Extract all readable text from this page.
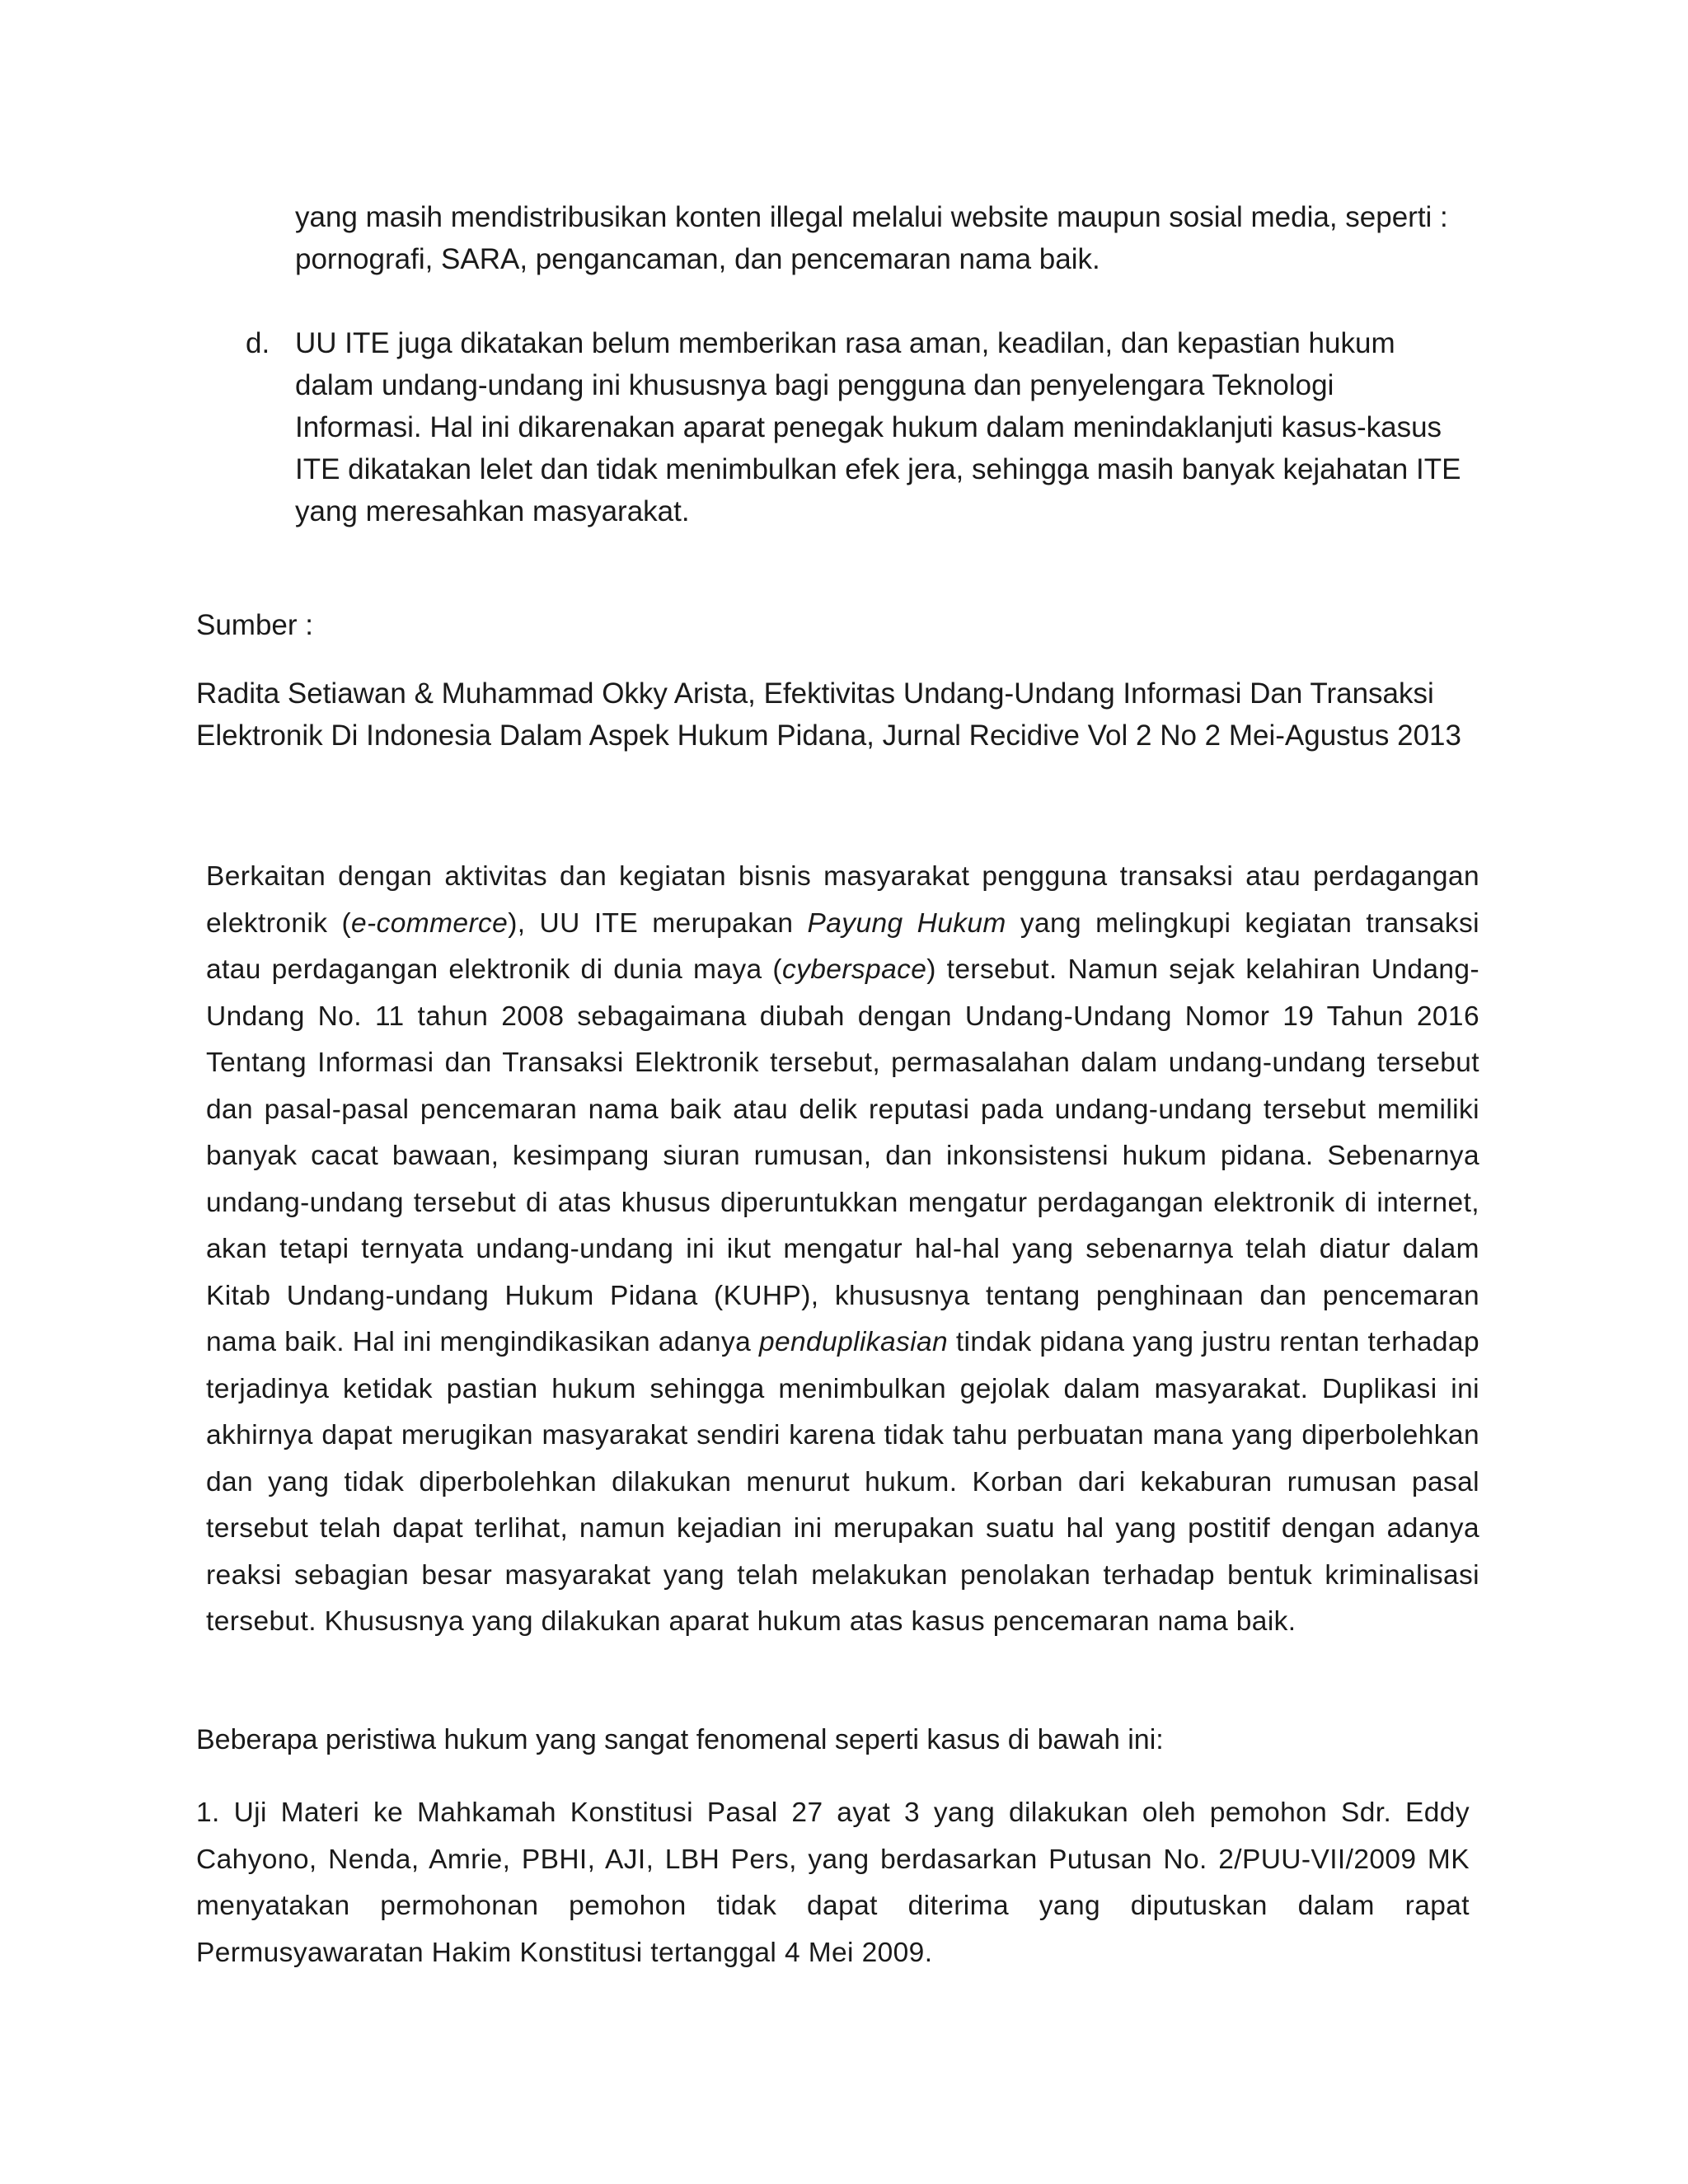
yang masih mendistribusikan konten illegal melalui website maupun sosial media, seperti : pornografi, SARA, pengancaman, dan pencemaran nama baik.
d. UU ITE juga dikatakan belum memberikan rasa aman, keadilan, dan kepastian hukum dalam undang-undang ini khususnya bagi pengguna dan penyelengara Teknologi Informasi. Hal ini dikarenakan aparat penegak hukum dalam menindaklanjuti kasus-kasus ITE dikatakan lelet dan tidak menimbulkan efek jera, sehingga masih banyak kejahatan ITE yang meresahkan masyarakat.
Sumber :
Radita Setiawan & Muhammad Okky Arista, Efektivitas Undang-Undang Informasi Dan Transaksi Elektronik Di Indonesia Dalam Aspek Hukum Pidana, Jurnal Recidive Vol 2 No 2 Mei-Agustus 2013
Berkaitan dengan aktivitas dan kegiatan bisnis masyarakat pengguna transaksi atau perdagangan elektronik (e-commerce), UU ITE merupakan Payung Hukum yang melingkupi kegiatan transaksi atau perdagangan elektronik di dunia maya (cyberspace) tersebut. Namun sejak kelahiran Undang-Undang No. 11 tahun 2008 sebagaimana diubah dengan Undang-Undang Nomor 19 Tahun 2016 Tentang Informasi dan Transaksi Elektronik tersebut, permasalahan dalam undang-undang tersebut dan pasal-pasal pencemaran nama baik atau delik reputasi pada undang-undang tersebut memiliki banyak cacat bawaan, kesimpang siuran rumusan, dan inkonsistensi hukum pidana. Sebenarnya undang-undang tersebut di atas khusus diperuntukkan mengatur perdagangan elektronik di internet, akan tetapi ternyata undang-undang ini ikut mengatur hal-hal yang sebenarnya telah diatur dalam Kitab Undang-undang Hukum Pidana (KUHP), khususnya tentang penghinaan dan pencemaran nama baik. Hal ini mengindikasikan adanya penduplikasian tindak pidana yang justru rentan terhadap terjadinya ketidak pastian hukum sehingga menimbulkan gejolak dalam masyarakat. Duplikasi ini akhirnya dapat merugikan masyarakat sendiri karena tidak tahu perbuatan mana yang diperbolehkan dan yang tidak diperbolehkan dilakukan menurut hukum. Korban dari kekaburan rumusan pasal tersebut telah dapat terlihat, namun kejadian ini merupakan suatu hal yang postitif dengan adanya reaksi sebagian besar masyarakat yang telah melakukan penolakan terhadap bentuk kriminalisasi tersebut. Khususnya yang dilakukan aparat hukum atas kasus pencemaran nama baik.
Beberapa peristiwa hukum yang sangat fenomenal seperti kasus di bawah ini:
1. Uji Materi ke Mahkamah Konstitusi Pasal 27 ayat 3 yang dilakukan oleh pemohon Sdr. Eddy Cahyono, Nenda, Amrie, PBHI, AJI, LBH Pers, yang berdasarkan Putusan No. 2/PUU-VII/2009 MK menyatakan permohonan pemohon tidak dapat diterima yang diputuskan dalam rapat Permusyawaratan Hakim Konstitusi tertanggal 4 Mei 2009.
